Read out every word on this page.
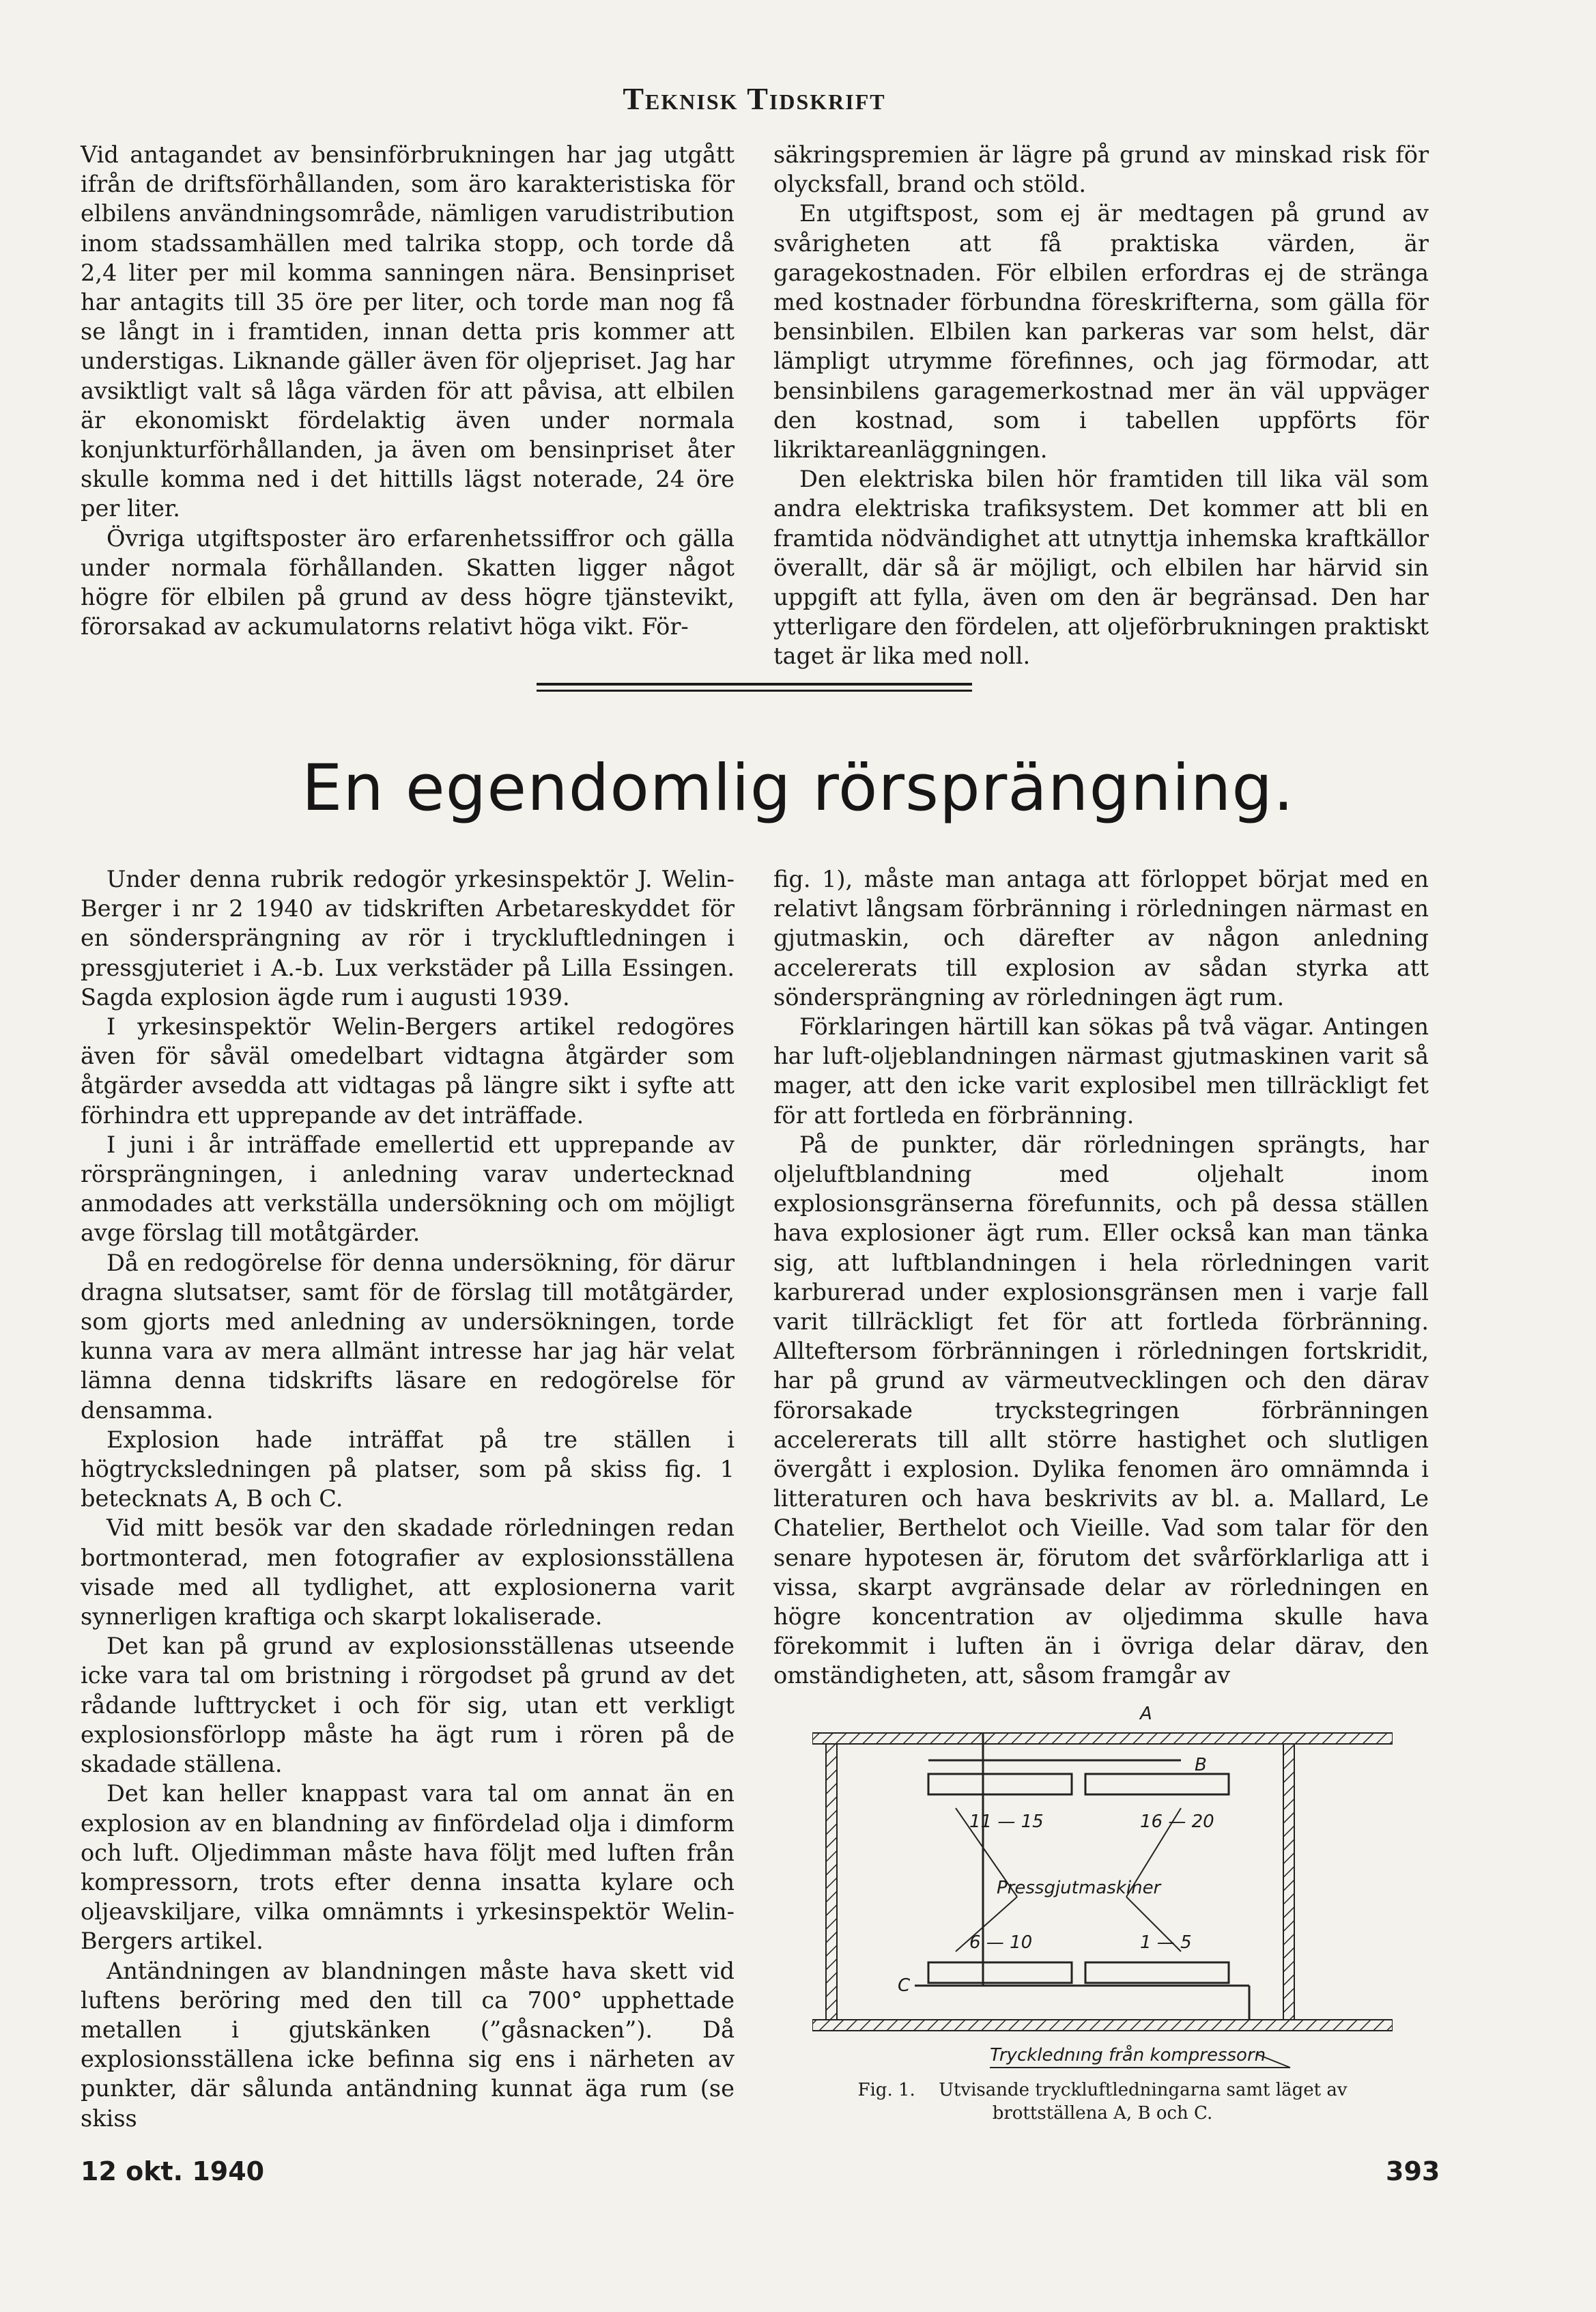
Teknisk Tidskrift

Vid antagandet av bensinförbrukningen har jag utgått ifrån de driftsförhållanden, som äro karakteristiska för elbilens användningsområde, nämligen varudistribution inom stadssamhällen med talrika stopp, och torde då 2,4 liter per mil komma sanningen nära. Bensinpriset har antagits till 35 öre per liter, och torde man nog få se långt in i framtiden, innan detta pris kommer att understigas. Liknande gäller även för oljepriset. Jag har avsiktligt valt så låga värden för att påvisa, att elbilen är ekonomiskt fördelaktig även under normala konjunkturförhållanden, ja även om bensinpriset åter skulle komma ned i det hittills lägst noterade, 24 öre per liter.

Övriga utgiftsposter äro erfarenhetssiffror och gälla under normala förhållanden. Skatten ligger något högre för elbilen på grund av dess högre tjänstevikt, förorsakad av ackumulatorns relativt höga vikt. För-

säkringspremien är lägre på grund av minskad risk för olycksfall, brand och stöld.

En utgiftspost, som ej är medtagen på grund av svårigheten att få praktiska värden, är garagekostnaden. För elbilen erfordras ej de stränga med kostnader förbundna föreskrifterna, som gälla för bensinbilen. Elbilen kan parkeras var som helst, där lämpligt utrymme förefinnes, och jag förmodar, att bensinbilens garagemerkostnad mer än väl uppväger den kostnad, som i tabellen uppförts för likriktareanläggningen.

Den elektriska bilen hör framtiden till lika väl som andra elektriska trafiksystem. Det kommer att bli en framtida nödvändighet att utnyttja inhemska kraftkällor överallt, där så är möjligt, och elbilen har härvid sin uppgift att fylla, även om den är begränsad. Den har ytterligare den fördelen, att oljeförbrukningen praktiskt taget är lika med noll.

En egendomlig rörsprängning.

Under denna rubrik redogör yrkesinspektör J. Welin-Berger i nr 2 1940 av tidskriften Arbetareskyddet för en söndersprängning av rör i tryckluftledningen i pressgjuteriet i A.-b. Lux verkstäder på Lilla Essingen. Sagda explosion ägde rum i augusti 1939.

I yrkesinspektör Welin-Bergers artikel redogöres även för såväl omedelbart vidtagna åtgärder som åtgärder avsedda att vidtagas på längre sikt i syfte att förhindra ett upprepande av det inträffade.

I juni i år inträffade emellertid ett upprepande av rörsprängningen, i anledning varav undertecknad anmodades att verkställa undersökning och om möjligt avge förslag till motåtgärder.

Då en redogörelse för denna undersökning, för därur dragna slutsatser, samt för de förslag till motåtgärder, som gjorts med anledning av undersökningen, torde kunna vara av mera allmänt intresse har jag här velat lämna denna tidskrifts läsare en redogörelse för densamma.

Explosion hade inträffat på tre ställen i högtrycksledningen på platser, som på skiss fig. 1 betecknats A, B och C.

Vid mitt besök var den skadade rörledningen redan bortmonterad, men fotografier av explosionsställena visade med all tydlighet, att explosionerna varit synnerligen kraftiga och skarpt lokaliserade.

Det kan på grund av explosionsställenas utseende icke vara tal om bristning i rörgodset på grund av det rådande lufttrycket i och för sig, utan ett verkligt explosionsförlopp måste ha ägt rum i rören på de skadade ställena.

Det kan heller knappast vara tal om annat än en explosion av en blandning av finfördelad olja i dimform och luft. Oljedimman måste hava följt med luften från kompressorn, trots efter denna insatta kylare och oljeavskiljare, vilka omnämnts i yrkesinspektör Welin-Bergers artikel.

Antändningen av blandningen måste hava skett vid luftens beröring med den till ca 700° upphettade metallen i gjutskänken (”gåsnacken”). Då explosionsställena icke befinna sig ens i närheten av punkter, där sålunda antändning kunnat äga rum (se skiss

fig. 1), måste man antaga att förloppet börjat med en relativt långsam förbränning i rörledningen närmast en gjutmaskin, och därefter av någon anledning accelererats till explosion av sådan styrka att söndersprängning av rörledningen ägt rum.

Förklaringen härtill kan sökas på två vägar. Antingen har luft-oljeblandningen närmast gjutmaskinen varit så mager, att den icke varit explosibel men tillräckligt fet för att fortleda en förbränning.

På de punkter, där rörledningen sprängts, har oljeluftblandning med oljehalt inom explosionsgränserna förefunnits, och på dessa ställen hava explosioner ägt rum. Eller också kan man tänka sig, att luftblandningen i hela rörledningen varit karburerad under explosionsgränsen men i varje fall varit tillräckligt fet för att fortleda förbränning. Allteftersom förbränningen i rörledningen fortskridit, har på grund av värmeutvecklingen och den därav förorsakade tryckstegringen förbränningen accelererats till allt större hastighet och slutligen övergått i explosion. Dylika fenomen äro omnämnda i litteraturen och hava beskrivits av bl. a. Mallard, Le Chatelier, Berthelot och Vieille. Vad som talar för den senare hypotesen är, förutom det svårförklarliga att i vissa, skarpt avgränsade delar av rörledningen en högre koncentration av oljedimma skulle hava förekommit i luften än i övriga delar därav, den omständigheten, att, såsom framgår av

A
B
C
11 — 15	16 — 20
6 — 10	1 — 5
Pressgjut maskiner
Trycklednıng från kompressorn
Fig. 1. Utvisande tryckluftledningarna samt läget av brottställena A, B och C.
12 okt. 1940	393
